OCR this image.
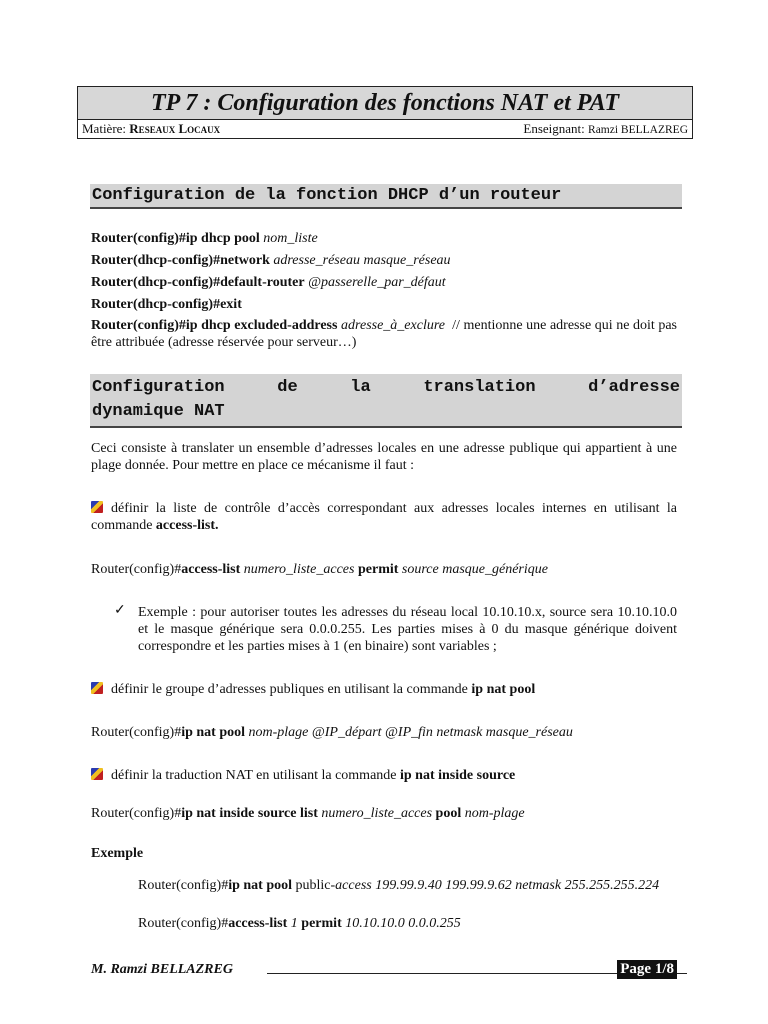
TP 7 : Configuration des fonctions NAT et PAT
Matière: Reseaux Locaux	Enseignant: Ramzi BELLAZREG
Configuration de la fonction DHCP d’un routeur
Router(config)#ip dhcp pool nom_liste
Router(dhcp-config)#network adresse_réseau masque_réseau
Router(dhcp-config)#default-router @passerelle_par_défaut
Router(dhcp-config)#exit
Router(config)#ip dhcp excluded-address adresse_à_exclure // mentionne une adresse qui ne doit pas être attribuée (adresse réservée pour serveur…)
Configuration de la translation d’adresse
dynamique NAT
Ceci consiste à translater un ensemble d’adresses locales en une adresse publique qui appartient à une plage donnée. Pour mettre en place ce mécanisme il faut :
définir la liste de contrôle d’accès correspondant aux adresses locales internes en utilisant la commande access-list.
Router(config)#access-list numero_liste_acces permit source masque_générique
✓ Exemple : pour autoriser toutes les adresses du réseau local 10.10.10.x, source sera 10.10.10.0 et le masque générique sera 0.0.0.255. Les parties mises à 0 du masque générique doivent correspondre et les parties mises à 1 (en binaire) sont variables ;
définir le groupe d’adresses publiques en utilisant la commande ip nat pool
Router(config)#ip nat pool nom-plage @IP_départ @IP_fin netmask masque_réseau
définir la traduction NAT en utilisant la commande ip nat inside source
Router(config)#ip nat inside source list numero_liste_acces pool nom-plage
Exemple
Router(config)#ip nat pool public-access 199.99.9.40 199.99.9.62 netmask 255.255.255.224
Router(config)#access-list 1 permit 10.10.10.0 0.0.0.255
M. Ramzi BELLAZREG	Page 1/8
